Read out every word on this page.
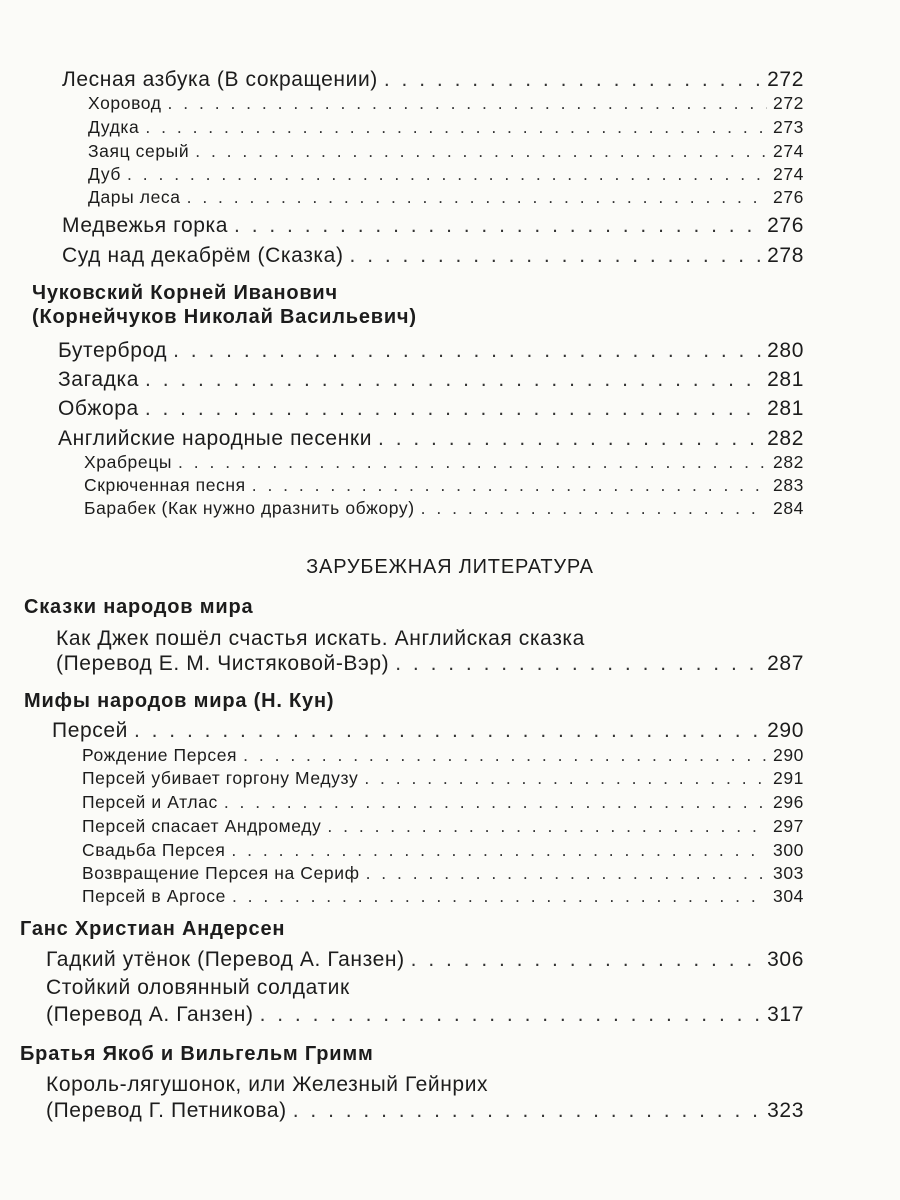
Лесная азбука (В сокращении) . . .	272
Хоровод . . .	272
Дудка . . .	273
Заяц серый . . .	274
Дуб . . .	274
Дары леса . . .	276
Медвежья горка . . .	276
Суд над декабрём (Сказка) . . .	278
Чуковский Корней Иванович
(Корнейчуков Николай Васильевич)
Бутерброд . . .	280
Загадка . . .	281
Обжора . . .	281
Английские народные песенки . . .	282
Храбрецы . . .	282
Скрюченная песня . . .	283
Барабек (Как нужно дразнить обжору) . . .	284
ЗАРУБЕЖНАЯ ЛИТЕРАТУРА
Сказки народов мира
Как Джек пошёл счастья искать. Английская сказка
(Перевод Е. М. Чистяковой-Вэр) . . .	287
Мифы народов мира (Н. Кун)
Персей . . .	290
Рождение Персея . . .	290
Персей убивает горгону Медузу . . .	291
Персей и Атлас . . .	296
Персей спасает Андромеду . . .	297
Свадьба Персея . . .	300
Возвращение Персея на Сериф . . .	303
Персей в Аргосе . . .	304
Ганс Христиан Андерсен
Гадкий утёнок (Перевод А. Ганзен) . . .	306
Стойкий оловянный солдатик
(Перевод А. Ганзен) . . .	317
Братья Якоб и Вильгельм Гримм
Король-лягушонок, или Железный Гейнрих
(Перевод Г. Петникова) . . .	323
